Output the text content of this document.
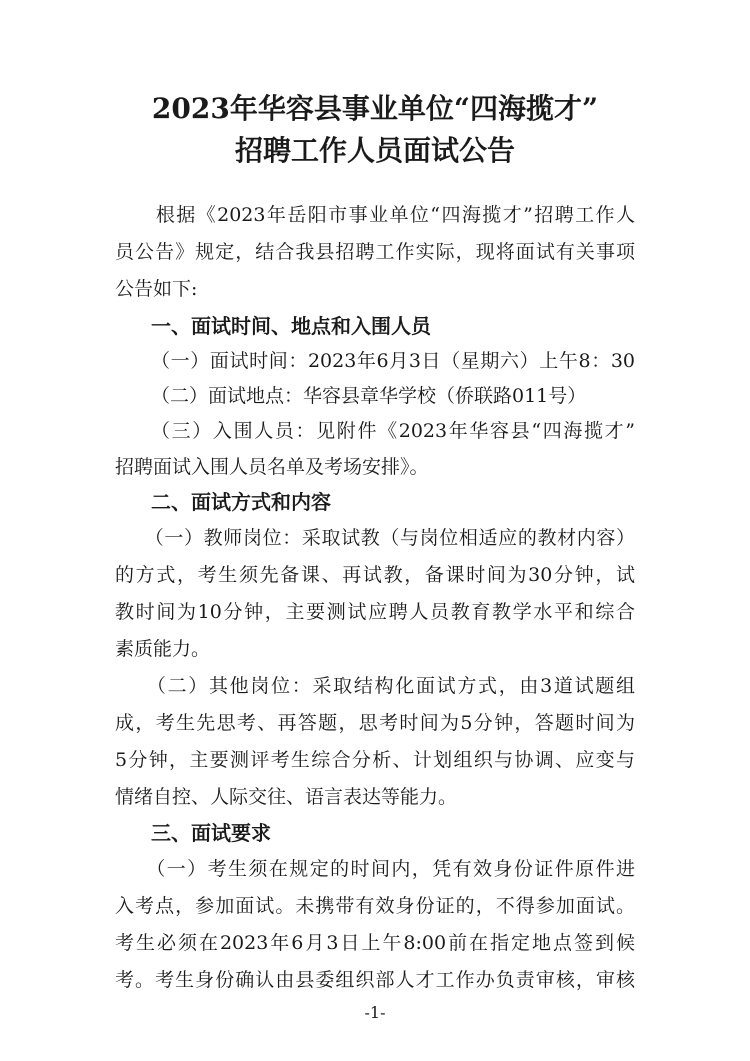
2023年华容县事业单位“四海揽才”
招聘工作人员面试公告
　　根据《2023年岳阳市事业单位“四海揽才”招聘工作人
员公告》规定，结合我县招聘工作实际，现将面试有关事项
公告如下:
一、面试时间、地点和入围人员
（一）面试时间：2023年6月3日（星期六）上午8：30
（二）面试地点：华容县章华学校（侨联路011号）
（三）入围人员：见附件《2023年华容县“四海揽才”
招聘面试入围人员名单及考场安排》。
二、面试方式和内容
　　（一）教师岗位：采取试教（与岗位相适应的教材内容）
的方式，考生须先备课、再试教，备课时间为30分钟，试
教时间为10分钟，主要测试应聘人员教育教学水平和综合
素质能力。
　　（二）其他岗位：采取结构化面试方式，由3道试题组
成，考生先思考、再答题，思考时间为5分钟，答题时间为
5分钟，主要测评考生综合分析、计划组织与协调、应变与
情绪自控、人际交往、语言表达等能力。
三、面试要求
　　（一）考生须在规定的时间内，凭有效身份证件原件进
入考点，参加面试。未携带有效身份证的，不得参加面试。
考生必须在2023年6月3日上午8:00前在指定地点签到候
考。考生身份确认由县委组织部人才工作办负责审核，审核
-1-
